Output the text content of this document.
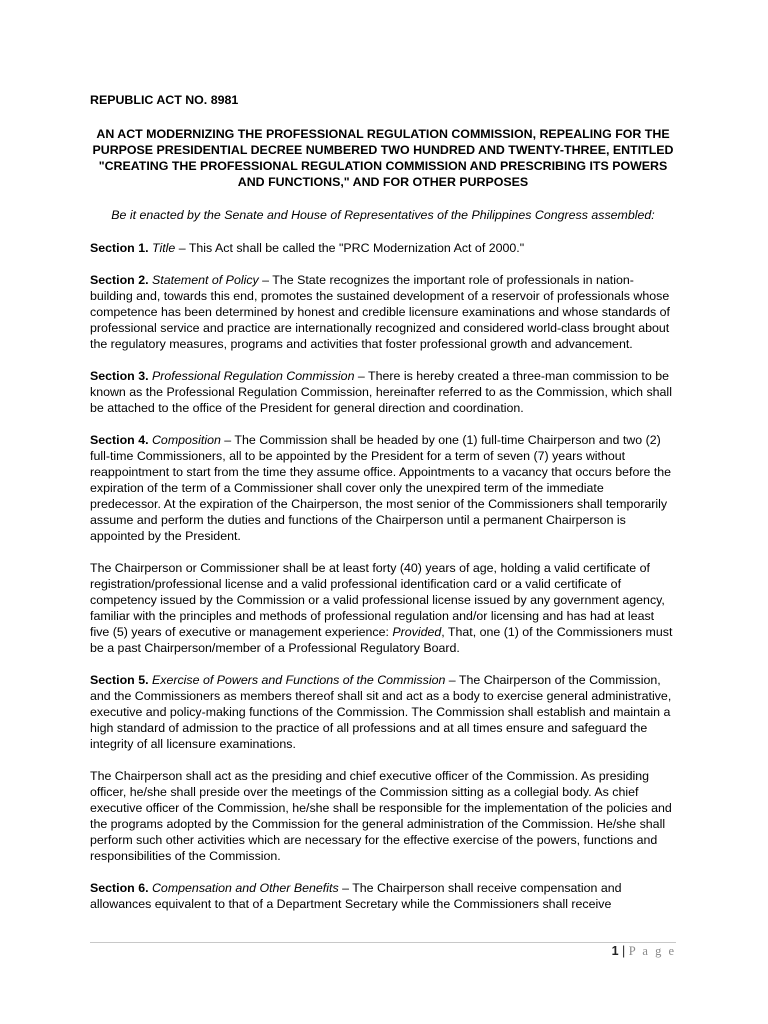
REPUBLIC ACT NO. 8981
AN ACT MODERNIZING THE PROFESSIONAL REGULATION COMMISSION, REPEALING FOR THE PURPOSE PRESIDENTIAL DECREE NUMBERED TWO HUNDRED AND TWENTY-THREE, ENTITLED "CREATING THE PROFESSIONAL REGULATION COMMISSION AND PRESCRIBING ITS POWERS AND FUNCTIONS," AND FOR OTHER PURPOSES
Be it enacted by the Senate and House of Representatives of the Philippines Congress assembled:

Section 1. Title – This Act shall be called the "PRC Modernization Act of 2000."

Section 2. Statement of Policy – The State recognizes the important role of professionals in nation-building and, towards this end, promotes the sustained development of a reservoir of professionals whose competence has been determined by honest and credible licensure examinations and whose standards of professional service and practice are internationally recognized and considered world-class brought about the regulatory measures, programs and activities that foster professional growth and advancement.

Section 3. Professional Regulation Commission – There is hereby created a three-man commission to be known as the Professional Regulation Commission, hereinafter referred to as the Commission, which shall be attached to the office of the President for general direction and coordination.

Section 4. Composition – The Commission shall be headed by one (1) full-time Chairperson and two (2) full-time Commissioners, all to be appointed by the President for a term of seven (7) years without reappointment to start from the time they assume office. Appointments to a vacancy that occurs before the expiration of the term of a Commissioner shall cover only the unexpired term of the immediate predecessor. At the expiration of the Chairperson, the most senior of the Commissioners shall temporarily assume and perform the duties and functions of the Chairperson until a permanent Chairperson is appointed by the President.

The Chairperson or Commissioner shall be at least forty (40) years of age, holding a valid certificate of registration/professional license and a valid professional identification card or a valid certificate of competency issued by the Commission or a valid professional license issued by any government agency, familiar with the principles and methods of professional regulation and/or licensing and has had at least five (5) years of executive or management experience: Provided, That, one (1) of the Commissioners must be a past Chairperson/member of a Professional Regulatory Board.

Section 5. Exercise of Powers and Functions of the Commission – The Chairperson of the Commission, and the Commissioners as members thereof shall sit and act as a body to exercise general administrative, executive and policy-making functions of the Commission. The Commission shall establish and maintain a high standard of admission to the practice of all professions and at all times ensure and safeguard the integrity of all licensure examinations.

The Chairperson shall act as the presiding and chief executive officer of the Commission. As presiding officer, he/she shall preside over the meetings of the Commission sitting as a collegial body. As chief executive officer of the Commission, he/she shall be responsible for the implementation of the policies and the programs adopted by the Commission for the general administration of the Commission. He/she shall perform such other activities which are necessary for the effective exercise of the powers, functions and responsibilities of the Commission.

Section 6. Compensation and Other Benefits – The Chairperson shall receive compensation and allowances equivalent to that of a Department Secretary while the Commissioners shall receive

1 | P a g e
